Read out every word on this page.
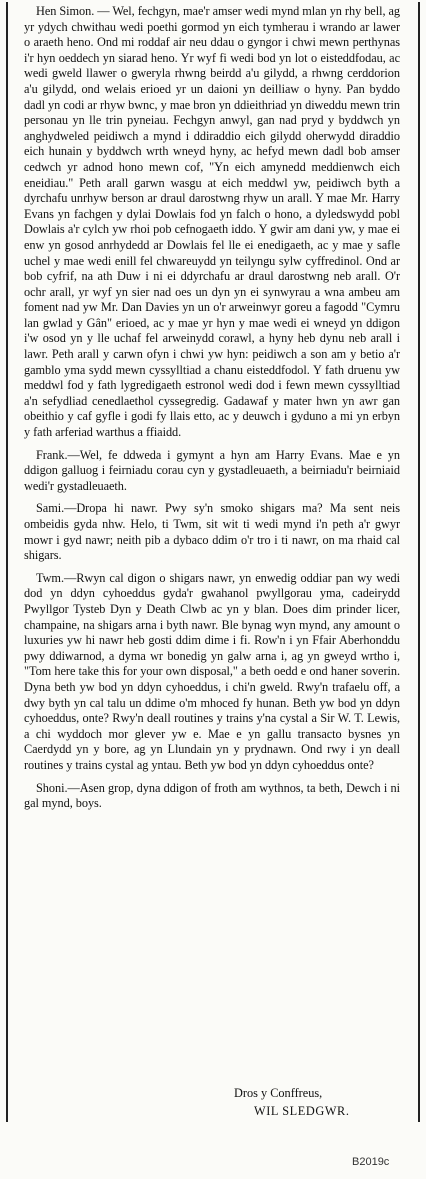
Hen Simon. — Wel, fechgyn, mae'r amser wedi mynd mlan yn rhy bell, ag yr ydych chwithau wedi poethi gormod yn eich tymherau i wrando ar lawer o araeth heno. Ond mi roddaf air neu ddau o gyngor i chwi mewn perthynas i'r hyn oeddech yn siarad heno. Yr wyf fi wedi bod yn lot o eisteddfodau, ac wedi gweld llawer o gweryla rhwng beirdd a'u gilydd, a rhwng cerddorion a'u gilydd, ond welais erioed yr un daioni yn deilliaw o hyny. Pan byddo dadl yn codi ar rhyw bwnc, y mae bron yn ddieithriad yn diweddu mewn trin personau yn lle trin pyneiau. Fechgyn anwyl, gan nad pryd y byddwch yn anghydweled peidiwch a mynd i ddiraddio eich gilydd oherwydd diraddio eich hunain y byddwch wrth wneyd hyny, ac hefyd mewn dadl bob amser cedwch yr adnod hono mewn cof, "Yn eich amynedd meddienwch eich eneidiau." Peth arall garwn wasgu at eich meddwl yw, peidiwch byth a dyrchafu unrhyw berson ar draul darostwng rhyw un arall. Y mae Mr. Harry Evans yn fachgen y dylai Dowlais fod yn falch o hono, a dyledswydd pobl Dowlais a'r cylch yw rhoi pob cefnogaeth iddo. Y gwir am dani yw, y mae ei enw yn gosod anrhydedd ar Dowlais fel lle ei enedigaeth, ac y mae y safle uchel y mae wedi enill fel chwareuydd yn teilyngu sylw cyffredinol. Ond ar bob cyfrif, na ath Duw i ni ei ddyrchafu ar draul darostwng neb arall. O'r ochr arall, yr wyf yn sier nad oes un dyn yn ei synwyrau a wna ambeu am foment nad yw Mr. Dan Davies yn un o'r arweinwyr goreu a fagodd "Cymru lan gwlad y Gân" erioed, ac y mae yr hyn y mae wedi ei wneyd yn ddigon i'w osod yn y lle uchaf fel arweinydd corawl, a hyny heb dynu neb arall i lawr. Peth arall y carwn ofyn i chwi yw hyn: peidiwch a son am y betio a'r gamblo yma sydd mewn cyssylltiad a chanu eisteddfodol. Y fath druenu yw meddwl fod y fath lygredigaeth estronol wedi dod i fewn mewn cyssylltiad a'n sefydliad cenedlaethol cyssegredig. Gadawaf y mater hwn yn awr gan obeithio y caf gyfle i godi fy llais etto, ac y deuwch i gyduno a mi yn erbyn y fath arferiad warthus a ffiaidd.

Frank.—Wel, fe ddweda i gymynt a hyn am Harry Evans. Mae e yn ddigon galluog i feirniadu corau cyn y gystadleuaeth, a beirniadu'r beirniaid wedi'r gystadleuaeth.

Sami.—Dropa hi nawr. Pwy sy'n smoko shigars ma? Ma sent neis ombeidis gyda nhw. Helo, ti Twm, sit wit ti wedi mynd i'n peth a'r gwyr mowr i gyd nawr; neith pib a dybaco ddim o'r tro i ti nawr, on ma rhaid cal shigars.

Twm.—Rwyn cal digon o shigars nawr, yn enwedig oddiar pan wy wedi dod yn ddyn cyhoeddus gyda'r gwahanol pwyllgorau yma, cadeirydd Pwyllgor Tysteb Dyn y Death Clwb ac yn y blan. Does dim prinder licer, champaine, na shigars arna i byth nawr. Ble bynag wyn mynd, any amount o luxuries yw hi nawr heb gosti ddim dime i fi. Row'n i yn Ffair Aberhonddu pwy ddiwarnod, a dyma wr bonedig yn galw arna i, ag yn gweyd wrtho i, "Tom here take this for your own disposal," a beth oedd e ond haner soverin. Dyna beth yw bod yn ddyn cyhoeddus, i chi'n gweld. Rwy'n trafaelu off, a dwy byth yn cal talu un ddime o'm mhoced fy hunan. Beth yw bod yn ddyn cyhoeddus, onte? Rwy'n deall routines y trains y'na cystal a Sir W. T. Lewis, a chi wyddoch mor glever yw e. Mae e yn gallu transacto bysnes yn Caerdydd yn y bore, ag yn Llundain yn y prydnawn. Ond rwy i yn deall routines y trains cystal ag yntau. Beth yw bod yn ddyn cyhoeddus onte?

Shoni.—Asen grop, dyna ddigon of froth am wythnos, ta beth, Dewch i ni gal mynd, boys.

Dros y Conffreus,
WIL SLEDGWR.
B2019c
